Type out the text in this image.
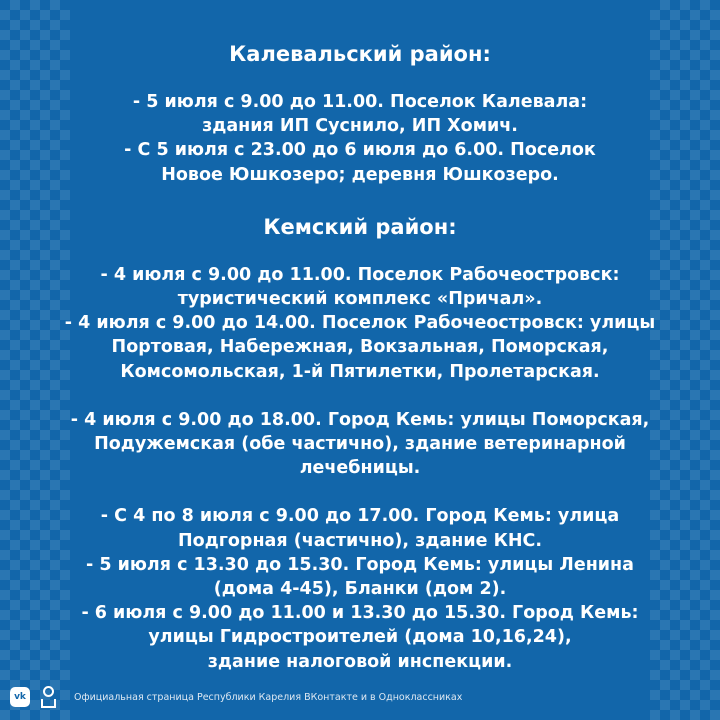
Калевальский район:

- 5 июля с 9.00 до 11.00. Поселок Калевала:

здания ИП Суснило, ИП Хомич.

- С 5 июля с 23.00 до 6 июля до 6.00. Поселок

Новое Юшкозеро; деревня Юшкозеро.

Кемский район:

- 4 июля с 9.00 до 11.00. Поселок Рабочеостровск:

туристический комплекс «Причал».

- 4 июля с 9.00 до 14.00. Поселок Рабочеостровск: улицы

Портовая, Набережная, Вокзальная, Поморская,

Комсомольская, 1-й Пятилетки, Пролетарская.

- 4 июля с 9.00 до 18.00. Город Кемь: улицы Поморская,

Подужемская (обе частично), здание ветеринарной

лечебницы.

- С 4 по 8 июля с 9.00 до 17.00. Город Кемь: улица

Подгорная (частично), здание КНС.

- 5 июля с 13.30 до 15.30. Город Кемь: улицы Ленина

(дома 4-45), Бланки (дом 2).

- 6 июля с 9.00 до 11.00 и 13.30 до 15.30. Город Кемь:

улицы Гидростроителей (дома 10,16,24),

здание налоговой инспекции.

vk	Официальная страница Республики Карелия ВКонтакте и в Одноклассниках
